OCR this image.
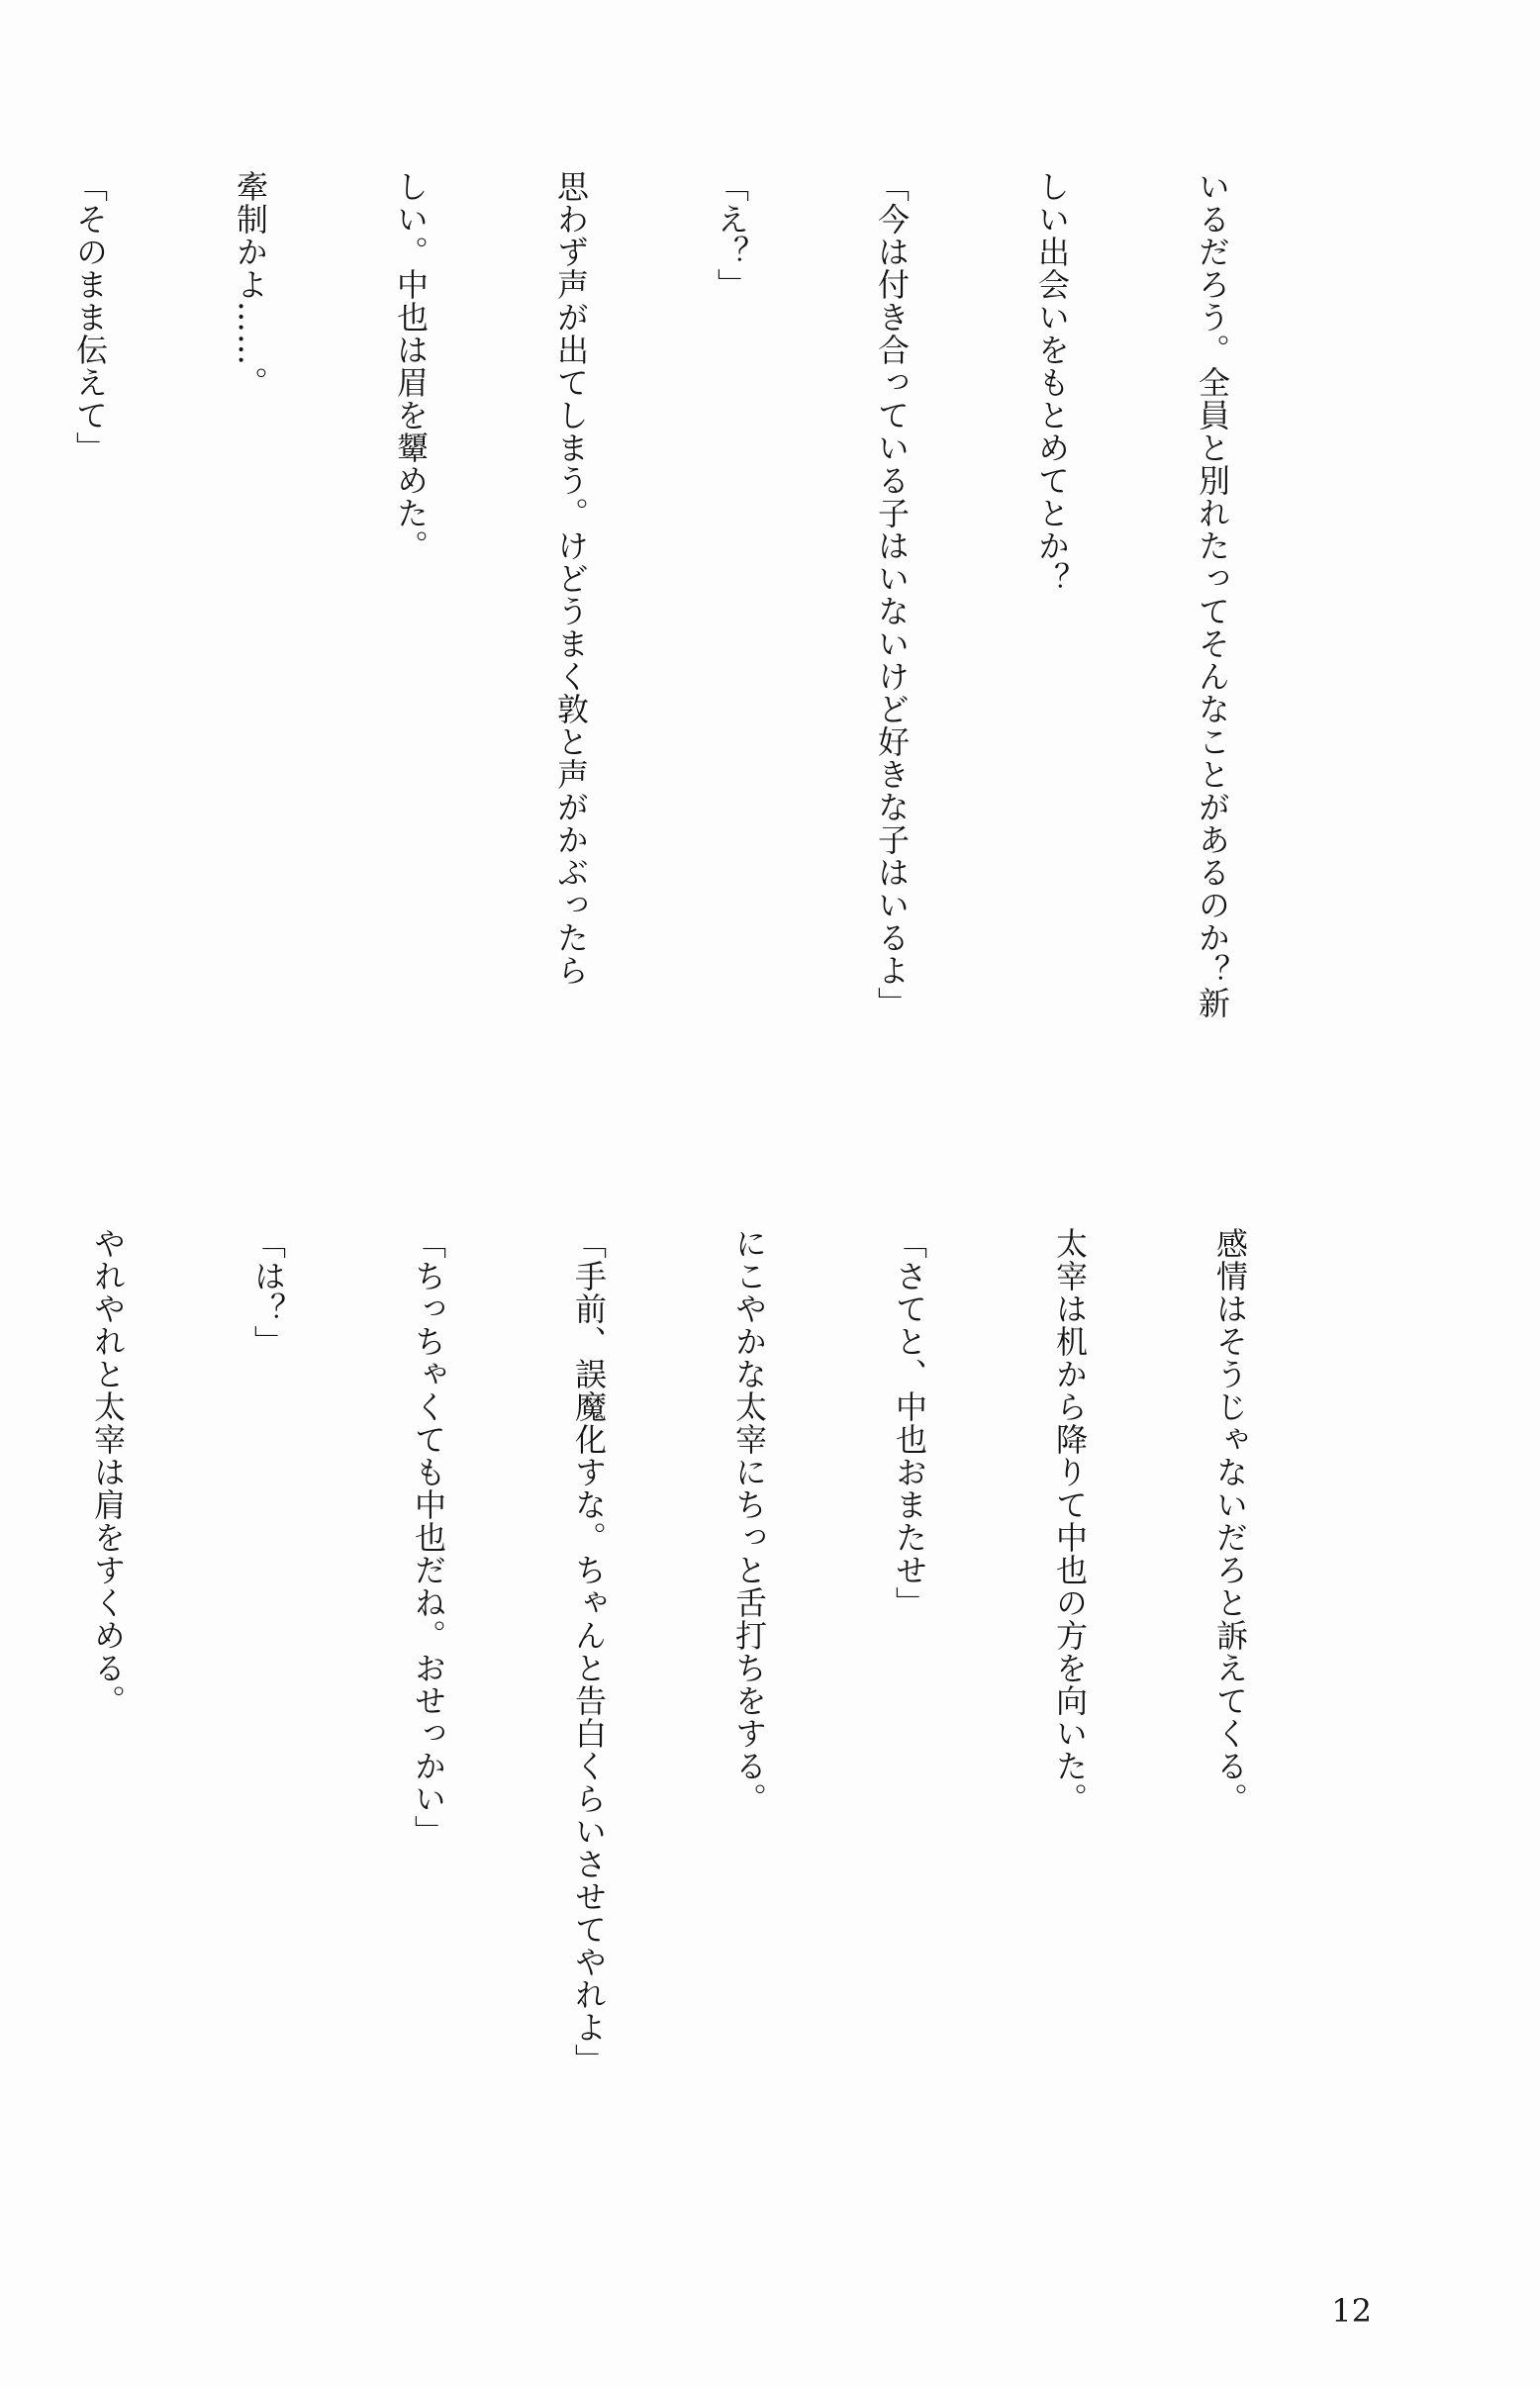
いるだろう。全員と別れたってそんなことがあるのか？新

しい出会いをもとめてとか？

「今は付き合っている子はいないけど好きな子はいるよ」

「え？」

思わず声が出てしまう。けどうまく敦と声がかぶったら

しい。中也は眉を顰めた。

牽制かよ……。

「そのまま伝えて」

感情はそうじゃないだろと訴えてくる。

太宰は机から降りて中也の方を向いた。

「さてと、中也おまたせ」

にこやかな太宰にちっと舌打ちをする。

「手前、誤魔化すな。ちゃんと告白くらいさせてやれよ」

「ちっちゃくても中也だね。おせっかい」

「は？」

やれやれと太宰は肩をすくめる。

12
